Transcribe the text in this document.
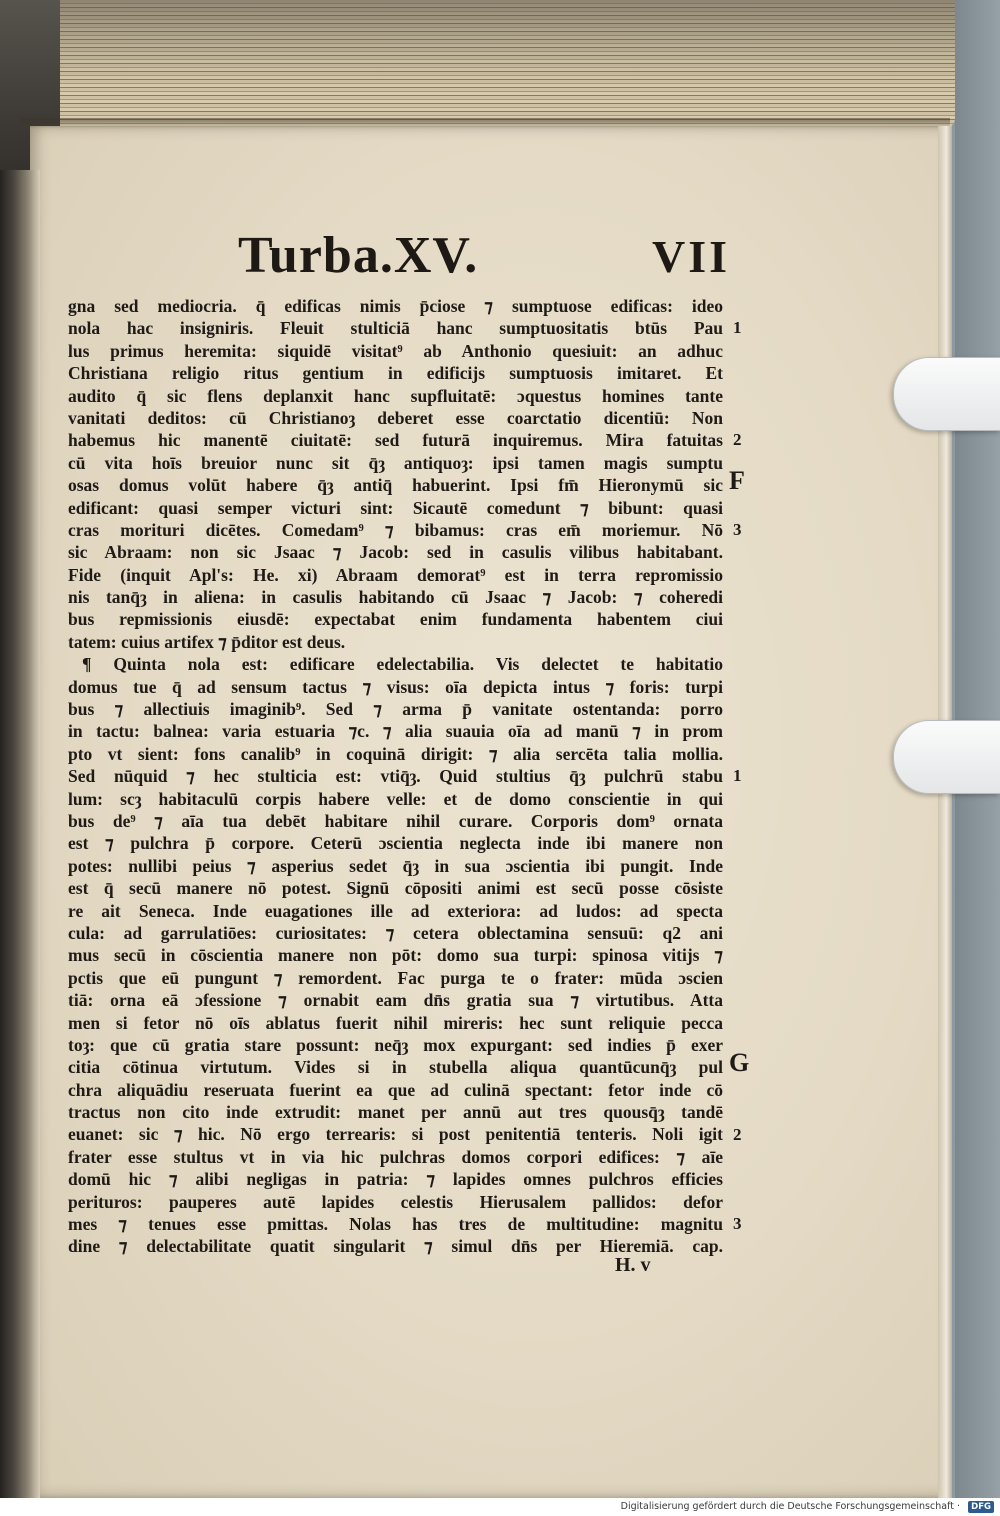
Turba.XV.	VII
gna sed mediocria. q̄ edificas nimis p̄ciose ⁊ sumptuose edificas: ideo
nola hac insigniris. Fleuit stulticiā hanc sumptuositatis btūs Pau
lus primus heremita: siquidē visitat⁹ ab Anthonio quesiuit: an adhuc
Christiana religio ritus gentium in edificijs sumptuosis imitaret. Et
audito q̄ sic flens deplanxit hanc supfluitatē: ɔquestus homines tante
vanitati deditos: cū Christianoȝ deberet esse coarctatio dicentiū: Non
habemus hic manentē ciuitatē: sed futurā inquiremus. Mira fatuitas
cū vita hoīs breuior nunc sit q̄ȝ antiquoȝ: ipsi tamen magis sumptu
osas domus volūt habere q̄ȝ antiq̄ habuerint. Ipsi fm̄ Hieronymū sic
edificant: quasi semper victuri sint: Sicautē comedunt ⁊ bibunt: quasi
cras morituri dicētes. Comedam⁹ ⁊ bibamus: cras em̄ moriemur. Nō
sic Abraam: non sic Jsaac ⁊ Jacob: sed in casulis vilibus habitabant.
Fide (inquit Apl's: He. xi) Abraam demorat⁹ est in terra repromissio
nis tanq̄ȝ in aliena: in casulis habitando cū Jsaac ⁊ Jacob: ⁊ coheredi
bus repmissionis eiusdē: expectabat enim fundamenta habentem ciui
tatem: cuius artifex ⁊ p̄ditor est deus.
¶ Quinta nola est: edificare edelectabilia. Vis delectet te habitatio
domus tue q̄ ad sensum tactus ⁊ visus: oīa depicta intus ⁊ foris: turpi
bus ⁊ allectiuis imaginib⁹. Sed ⁊ arma p̄ vanitate ostentanda: porro
in tactu: balnea: varia estuaria ⁊c. ⁊ alia suauia oīa ad manū ⁊ in prom
pto vt sient: fons canalib⁹ in coquinā dirigit: ⁊ alia sercēta talia mollia.
Sed nūquid ⁊ hec stulticia est: vtiq̄ȝ. Quid stultius q̄ȝ pulchrū stabu
lum: scȝ habitaculū corpis habere velle: et de domo conscientie in qui
bus de⁹ ⁊ aīa tua debēt habitare nihil curare. Corporis dom⁹ ornata
est ⁊ pulchra p̄ corpore. Ceterū ɔscientia neglecta inde ibi manere non
potes: nullibi peius ⁊ asperius sedet q̄ȝ in sua ɔscientia ibi pungit. Inde
est q̄ secū manere nō potest. Signū cōpositi animi est secū posse cōsiste
re ait Seneca. Inde euagationes ille ad exteriora: ad ludos: ad specta
cula: ad garrulatiōes: curiositates: ⁊ cetera oblectamina sensuū: q2 ani
mus secū in cōscientia manere non pōt: domo sua turpi: spinosa vitijs ⁊
pctis que eū pungunt ⁊ remordent. Fac purga te o frater: mūda ɔscien
tiā: orna eā ɔfessione ⁊ ornabit eam dn̄s gratia sua ⁊ virtutibus. Atta
men si fetor nō oīs ablatus fuerit nihil mireris: hec sunt reliquie pecca
toȝ: que cū gratia stare possunt: neq̄ȝ mox expurgant: sed indies p̄ exer
citia cōtinua virtutum. Vides si in stubella aliqua quantūcunq̄ȝ pul
chra aliquādiu reseruata fuerint ea que ad culinā spectant: fetor inde cō
tractus non cito inde extrudit: manet per annū aut tres quousq̄ȝ tandē
euanet: sic ⁊ hic. Nō ergo terrearis: si post penitentiā tenteris. Noli igit
frater esse stultus vt in via hic pulchras domos corpori edifices: ⁊ aīe
domū hic ⁊ alibi negligas in patria: ⁊ lapides omnes pulchros efficies
perituros: pauperes autē lapides celestis Hierusalem pallidos: defor
mes ⁊ tenues esse pmittas. Nolas has tres de multitudine: magnitu
dine ⁊ delectabilitate quatit singularit ⁊ simul dn̄s per Hieremiā. cap.
1
2
F
3
1
G
2
3
H. v
Digitalisierung gefördert durch die Deutsche Forschungsgemeinschaft ·	DFG
